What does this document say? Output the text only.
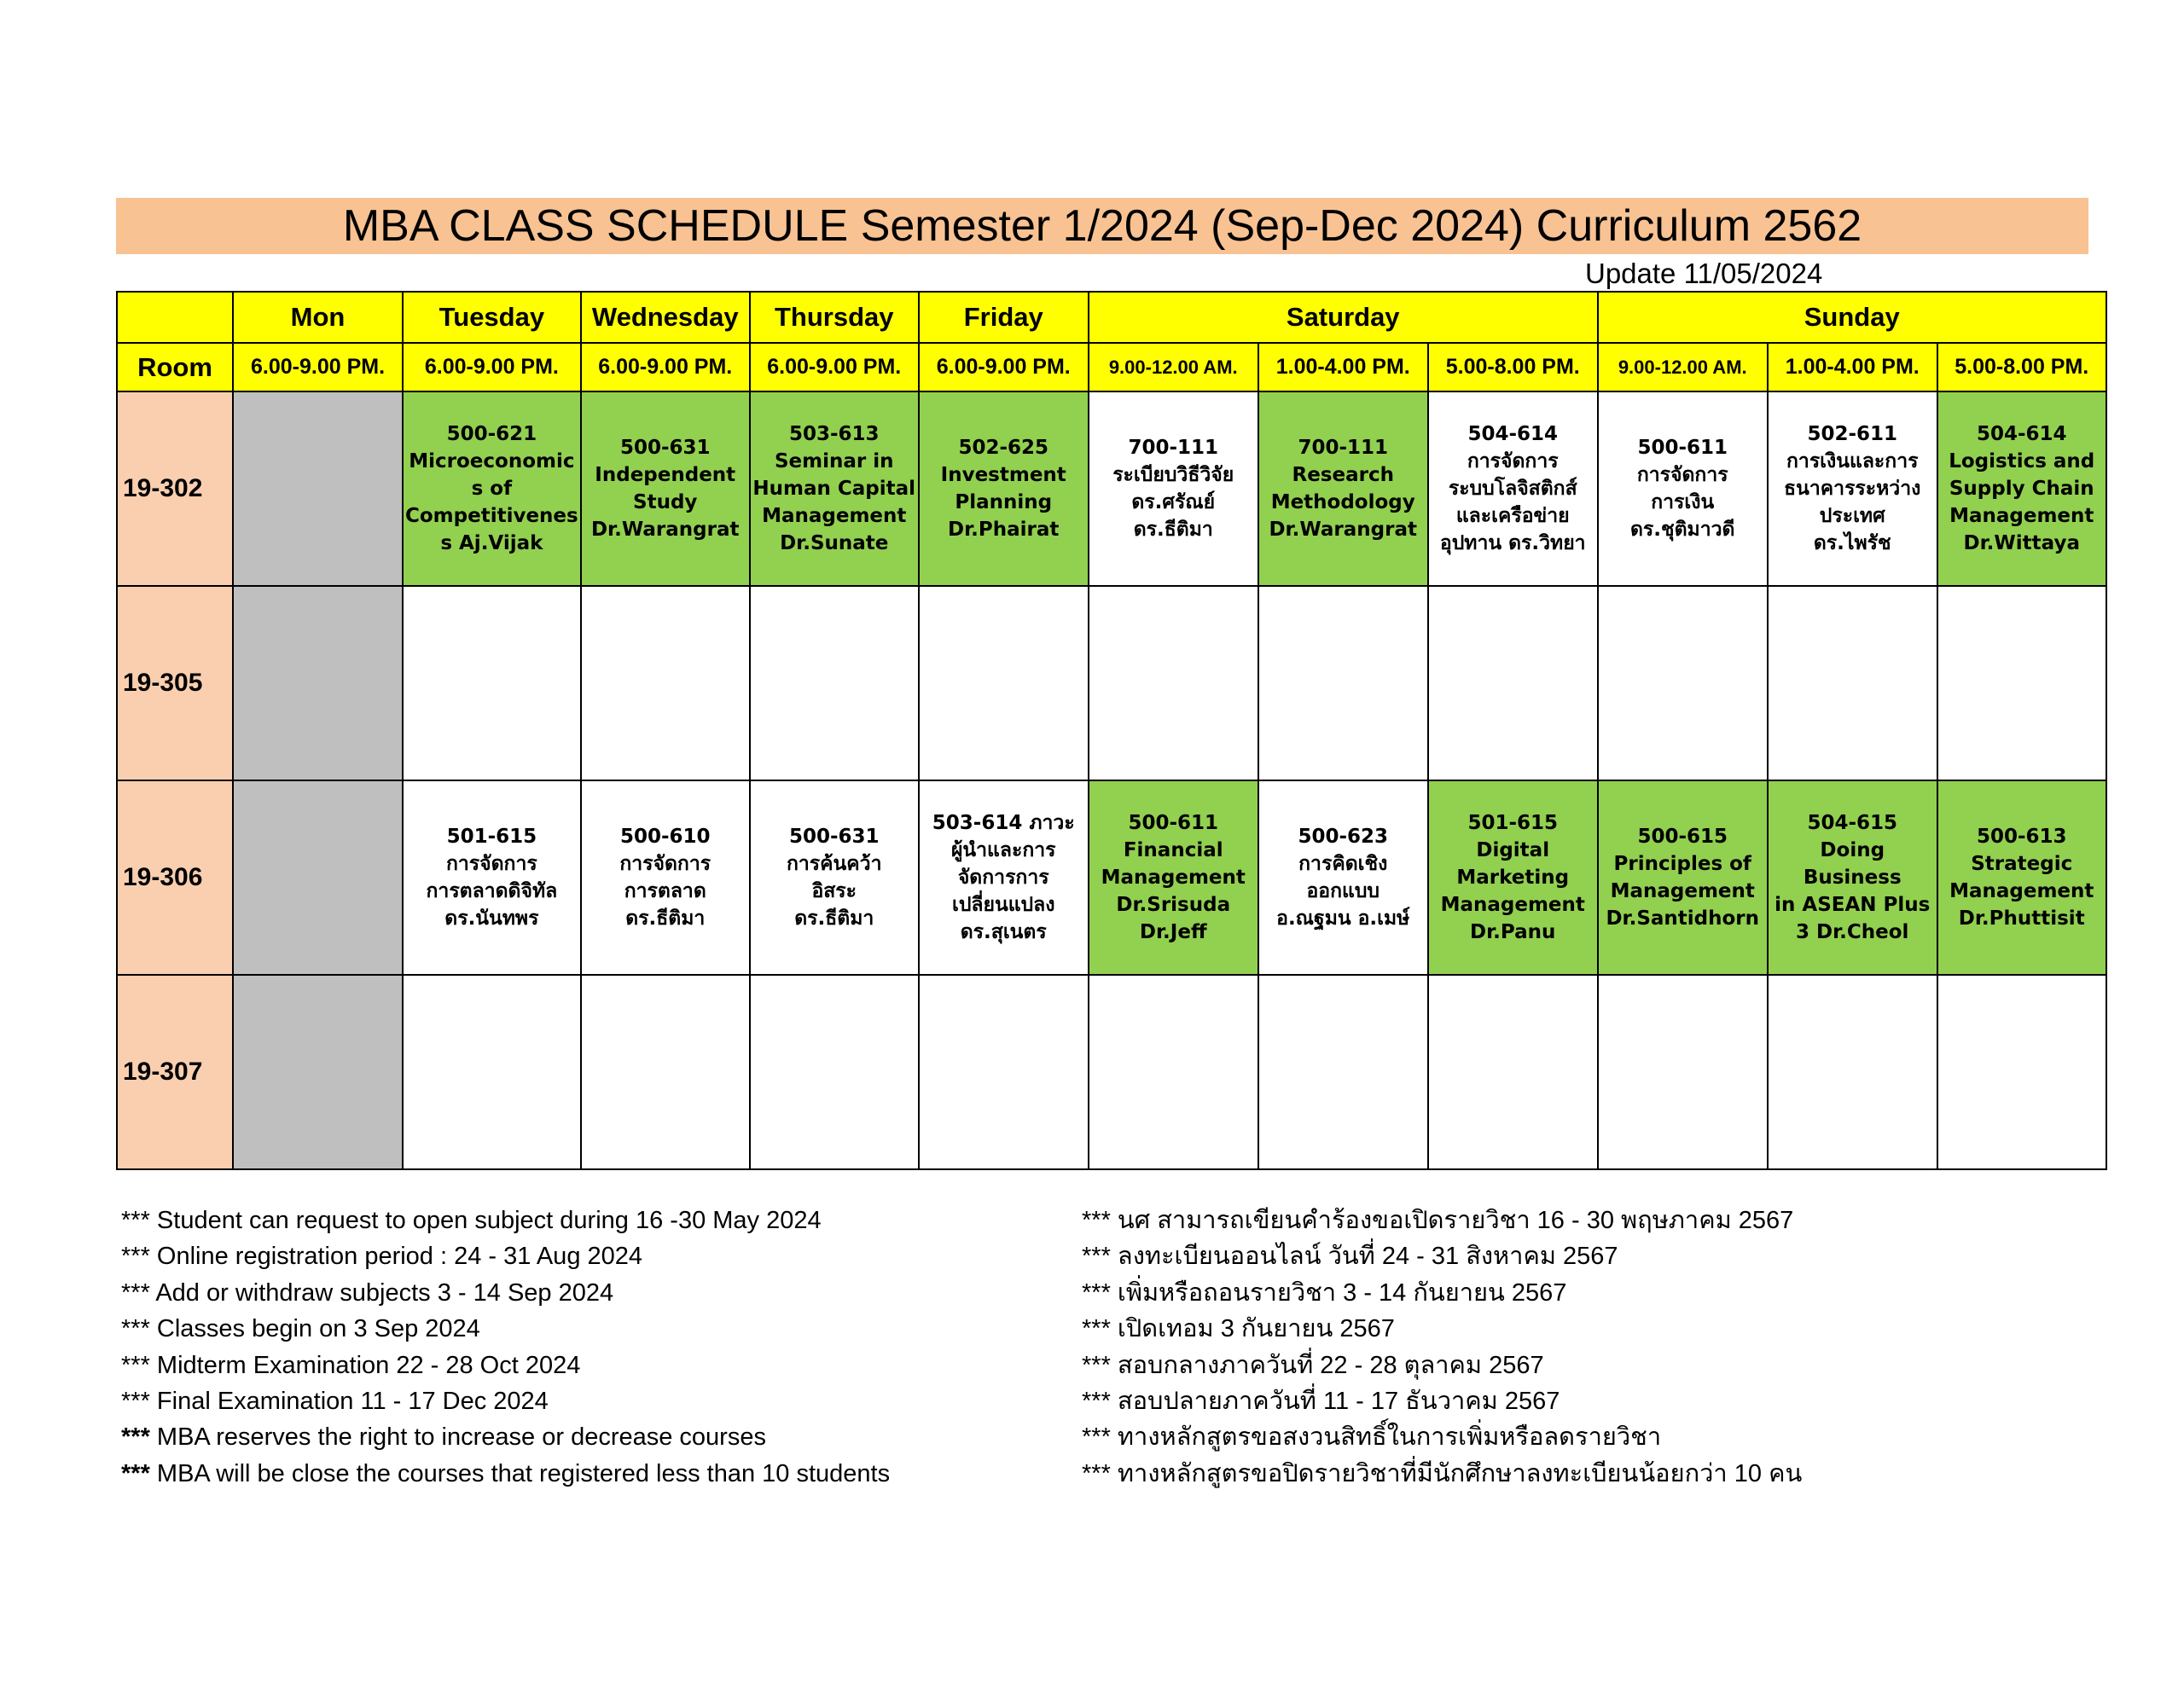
MBA CLASS SCHEDULE Semester 1/2024 (Sep-Dec 2024) Curriculum 2562
Update 11/05/2024
	Mon	Tuesday	Wednesday	Thursday	Friday	Saturday			Sunday		
Room	6.00-9.00 PM.	6.00-9.00 PM.	6.00-9.00 PM.	6.00-9.00 PM.	6.00-9.00 PM.	9.00-12.00 AM.	1.00-4.00 PM.	5.00-8.00 PM.	9.00-12.00 AM.	1.00-4.00 PM.	5.00-8.00 PM.
19-302		500-621
Microeconomic
s of
Competitivenes
s Aj.Vijak	500-631
Independent
Study
Dr.Warangrat	503-613
Seminar in
Human Capital
Management
Dr.Sunate	502-625
Investment
Planning
Dr.Phairat	700-111
ระเบียบวิธีวิจัย
ดร.ศรัณย์
ดร.ธีติมา	700-111
Research
Methodology
Dr.Warangrat	504-614
การจัดการ
ระบบโลจิสติกส์
และเครือข่าย
อุปทาน ดร.วิทยา	500-611
การจัดการ
การเงิน
ดร.ชุติมาวดี	502-611
การเงินและการ
ธนาคารระหว่าง
ประเทศ
ดร.ไพรัช	504-614
Logistics and
Supply Chain
Management
Dr.Wittaya

19-305	

19-306		501-615
การจัดการ
การตลาดดิจิทัล
ดร.นันทพร	500-610
การจัดการ
การตลาด
ดร.ธีติมา	500-631
การค้นคว้า
อิสระ
ดร.ธีติมา	503-614 ภาวะ
ผู้นำและการ
จัดการการ
เปลี่ยนแปลง
ดร.สุเนตร	500-611
Financial
Management
Dr.Srisuda
Dr.Jeff	500-623
การคิดเชิง
ออกแบบ
อ.ณฐมน อ.เมษ์	501-615
Digital
Marketing
Management
Dr.Panu	500-615
Principles of
Management
Dr.Santidhorn	504-615
Doing Business
in ASEAN Plus
3 Dr.Cheol	500-613
Strategic
Management
Dr.Phuttisit

19-307	

*** Student can request to open subject during 16 -30 May 2024
*** Online registration period : 24 - 31 Aug 2024
*** Add or withdraw subjects 3 - 14 Sep 2024
*** Classes begin on 3 Sep 2024
*** Midterm Examination 22 - 28 Oct 2024
*** Final Examination 11 - 17 Dec 2024
*** MBA reserves the right to increase or decrease courses
*** MBA will be close the courses that registered less than 10 students
*** นศ สามารถเขียนคำร้องขอเปิดรายวิชา 16 - 30 พฤษภาคม 2567
*** ลงทะเบียนออนไลน์ วันที่ 24 - 31 สิงหาคม 2567
*** เพิ่มหรือถอนรายวิชา 3 - 14 กันยายน 2567
*** เปิดเทอม 3 กันยายน 2567
*** สอบกลางภาควันที่ 22 - 28 ตุลาคม 2567
*** สอบปลายภาควันที่ 11 - 17 ธันวาคม 2567
*** ทางหลักสูตรขอสงวนสิทธิ์ในการเพิ่มหรือลดรายวิชา
*** ทางหลักสูตรขอปิดรายวิชาที่มีนักศึกษาลงทะเบียนน้อยกว่า 10 คน
